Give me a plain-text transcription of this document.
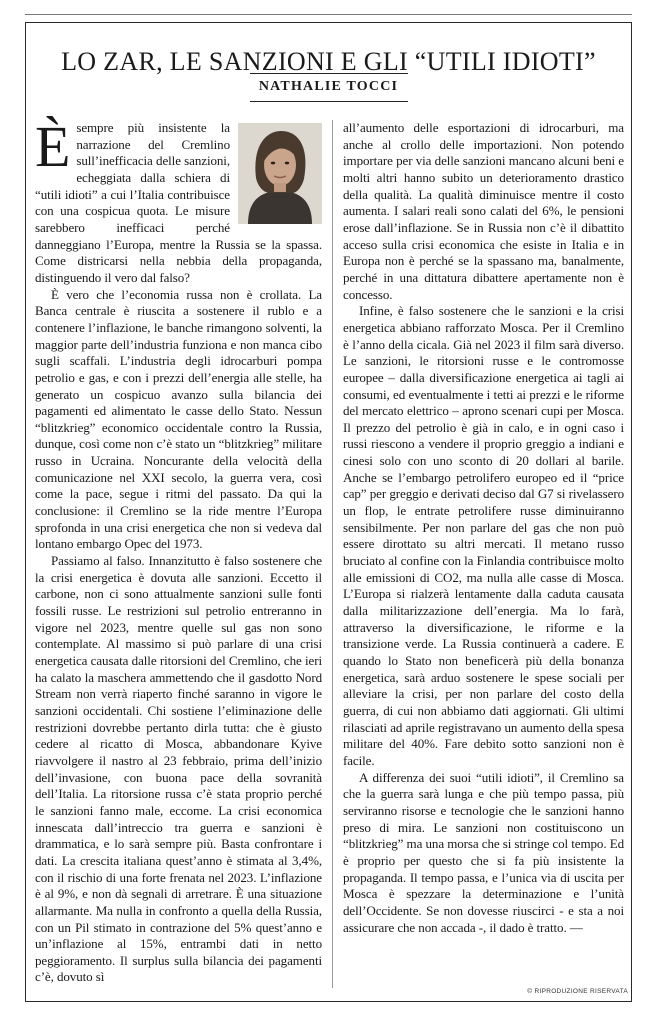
LO ZAR, LE SANZIONI E GLI “UTILI IDIOTI”
NATHALIE TOCCI

È sempre più insistente la narrazione del Cremlino sull’inefficacia delle sanzioni, echeggiata dalla schiera di “utili idioti” a cui l’Italia contribuisce con una cospicua quota. Le misure sarebbero inefficaci perché danneggiano l’Europa, mentre la Russia se la spassa. Come districarsi nella nebbia della propaganda, distinguendo il vero dal falso?

È vero che l’economia russa non è crollata. La Banca centrale è riuscita a sostenere il rublo e a contenere l’inflazione, le banche rimangono solventi, la maggior parte dell’industria funziona e non manca cibo sugli scaffali. L’industria degli idrocarburi pompa petrolio e gas, e con i prezzi dell’energia alle stelle, ha generato un cospicuo avanzo sulla bilancia dei pagamenti ed alimentato le casse dello Stato. Nessun “blitzkrieg” economico occidentale contro la Russia, dunque, così come non c’è stato un “blitzkrieg” militare russo in Ucraina. Noncurante della velocità della comunicazione nel XXI secolo, la guerra vera, così come la pace, segue i ritmi del passato. Da qui la conclusione: il Cremlino se la ride mentre l’Europa sprofonda in una crisi energetica che non si vedeva dal lontano embargo Opec del 1973.

Passiamo al falso. Innanzitutto è falso sostenere che la crisi energetica è dovuta alle sanzioni. Eccetto il carbone, non ci sono attualmente sanzioni sulle fonti fossili russe. Le restrizioni sul petrolio entreranno in vigore nel 2023, mentre quelle sul gas non sono contemplate. Al massimo si può parlare di una crisi energetica causata dalle ritorsioni del Cremlino, che ieri ha calato la maschera ammettendo che il gasdotto Nord Stream non verrà riaperto finché saranno in vigore le sanzioni occidentali. Chi sostiene l’eliminazione delle restrizioni dovrebbe pertanto dirla tutta: che è giusto cedere al ricatto di Mosca, abbandonare Kyive riavvolgere il nastro al 23 febbraio, prima dell’inizio dell’invasione, con buona pace della sovranità dell’Italia. La ritorsione russa c’è stata proprio perché le sanzioni fanno male, eccome. La crisi economica innescata dall’intreccio tra guerra e sanzioni è drammatica, e lo sarà sempre più. Basta confrontare i dati. La crescita italiana quest’anno è stimata al 3,4%, con il rischio di una forte frenata nel 2023. L’inflazione è al 9%, e non dà segnali di arretrare. È una situazione allarmante. Ma nulla in confronto a quella della Russia, con un Pil stimato in contrazione del 5% quest’anno e un’inflazione al 15%, entrambi dati in netto peggioramento. Il surplus sulla bilancia dei pagamenti c’è, dovuto sì

all’aumento delle esportazioni di idrocarburi, ma anche al crollo delle importazioni. Non potendo importare per via delle sanzioni mancano alcuni beni e molti altri hanno subito un deterioramento drastico della qualità. La qualità diminuisce mentre il costo aumenta. I salari reali sono calati del 6%, le pensioni erose dall’inflazione. Se in Russia non c’è il dibattito acceso sulla crisi economica che esiste in Italia e in Europa non è perché se la spassano ma, banalmente, perché in una dittatura dibattere apertamente non è concesso.

Infine, è falso sostenere che le sanzioni e la crisi energetica abbiano rafforzato Mosca. Per il Cremlino è l’anno della cicala. Già nel 2023 il film sarà diverso. Le sanzioni, le ritorsioni russe e le contromosse europee – dalla diversificazione energetica ai tagli ai consumi, ed eventualmente i tetti ai prezzi e le riforme del mercato elettrico – aprono scenari cupi per Mosca. Il prezzo del petrolio è già in calo, e in ogni caso i russi riescono a vendere il proprio greggio a indiani e cinesi solo con uno sconto di 20 dollari al barile. Anche se l’embargo petrolifero europeo ed il “price cap” per greggio e derivati deciso dal G7 si rivelassero un flop, le entrate petrolifere russe diminuiranno sensibilmente. Per non parlare del gas che non può essere dirottato su altri mercati. Il metano russo bruciato al confine con la Finlandia contribuisce molto alle emissioni di CO2, ma nulla alle casse di Mosca. L’Europa si rialzerà lentamente dalla caduta causata dalla militarizzazione dell’energia. Ma lo farà, attraverso la diversificazione, le riforme e la transizione verde. La Russia continuerà a cadere. E quando lo Stato non beneficerà più della bonanza energetica, sarà arduo sostenere le spese sociali per alleviare la crisi, per non parlare del costo della guerra, di cui non abbiamo dati aggiornati. Gli ultimi rilasciati ad aprile registravano un aumento della spesa militare del 40%. Fare debito sotto sanzioni non è facile.

A differenza dei suoi “utili idioti”, il Cremlino sa che la guerra sarà lunga e che più tempo passa, più serviranno risorse e tecnologie che le sanzioni hanno preso di mira. Le sanzioni non costituiscono un “blitzkrieg” ma una morsa che si stringe col tempo. Ed è proprio per questo che si fa più insistente la propaganda. Il tempo passa, e l’unica via di uscita per Mosca è spezzare la determinazione e l’unità dell’Occidente. Se non dovesse riuscirci - e sta a noi assicurare che non accada -, il dado è tratto. —

© RIPRODUZIONE RISERVATA
